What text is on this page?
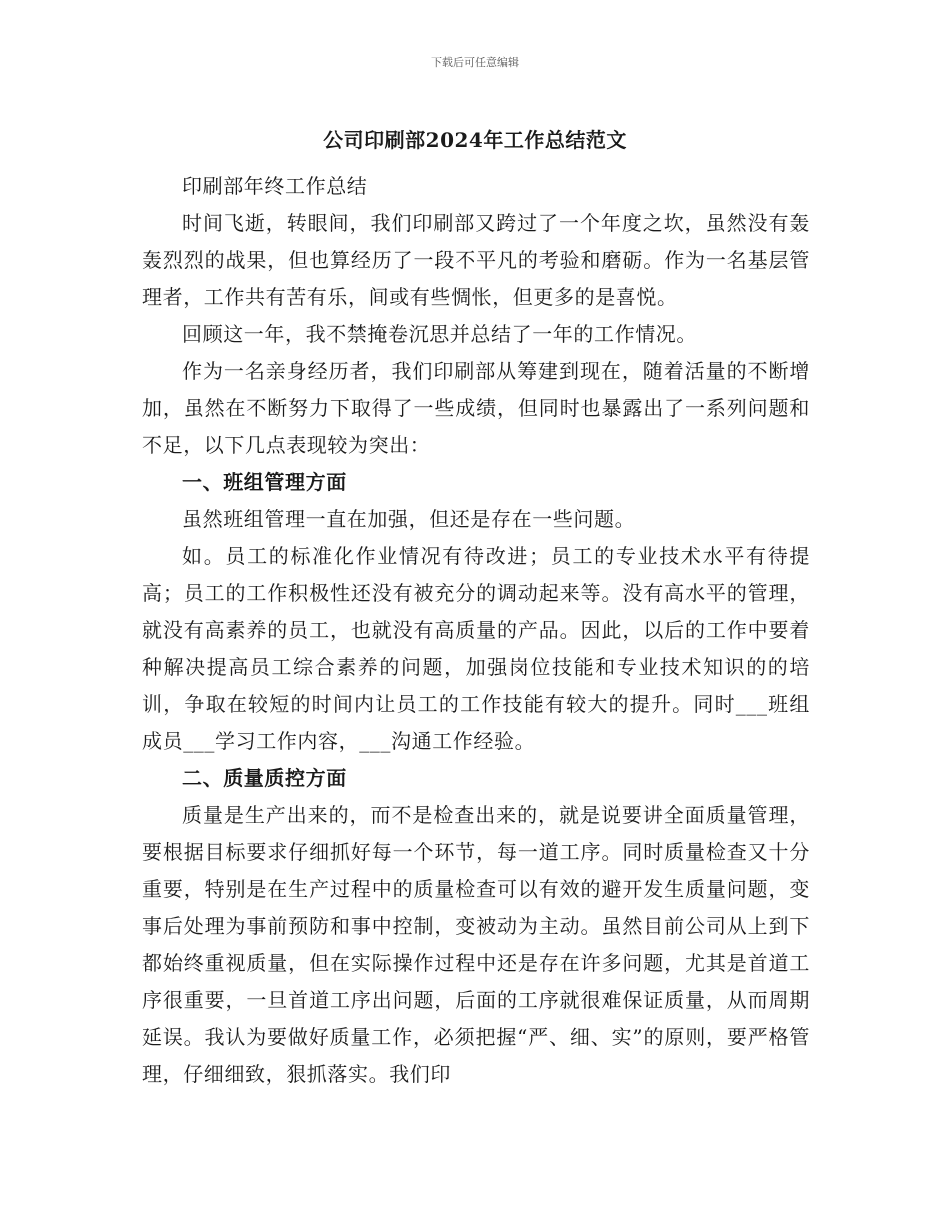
下载后可任意编辑
公司印刷部2024年工作总结范文

印刷部年终工作总结

时间飞逝，转眼间，我们印刷部又跨过了一个年度之坎，虽然没有轰轰烈烈的战果，但也算经历了一段不平凡的考验和磨砺。作为一名基层管理者，工作共有苦有乐，间或有些惆怅，但更多的是喜悦。

回顾这一年，我不禁掩卷沉思并总结了一年的工作情况。

作为一名亲身经历者，我们印刷部从筹建到现在，随着活量的不断增加，虽然在不断努力下取得了一些成绩，但同时也暴露出了一系列问题和不足，以下几点表现较为突出：

一、班组管理方面

虽然班组管理一直在加强，但还是存在一些问题。

如。员工的标准化作业情况有待改进；员工的专业技术水平有待提高；员工的工作积极性还没有被充分的调动起来等。没有高水平的管理，就没有高素养的员工，也就没有高质量的产品。因此，以后的工作中要着种解决提高员工综合素养的问题，加强岗位技能和专业技术知识的的培训，争取在较短的时间内让员工的工作技能有较大的提升。同时___班组成员___学习工作内容，___沟通工作经验。

二、质量质控方面

质量是生产出来的，而不是检查出来的，就是说要讲全面质量管理，要根据目标要求仔细抓好每一个环节，每一道工序。同时质量检查又十分重要，特别是在生产过程中的质量检查可以有效的避开发生质量问题，变事后处理为事前预防和事中控制，变被动为主动。虽然目前公司从上到下都始终重视质量，但在实际操作过程中还是存在许多问题，尤其是首道工序很重要，一旦首道工序出问题，后面的工序就很难保证质量，从而周期延误。我认为要做好质量工作，必须把握“严、细、实”的原则，要严格管理，仔细细致，狠抓落实。我们印
